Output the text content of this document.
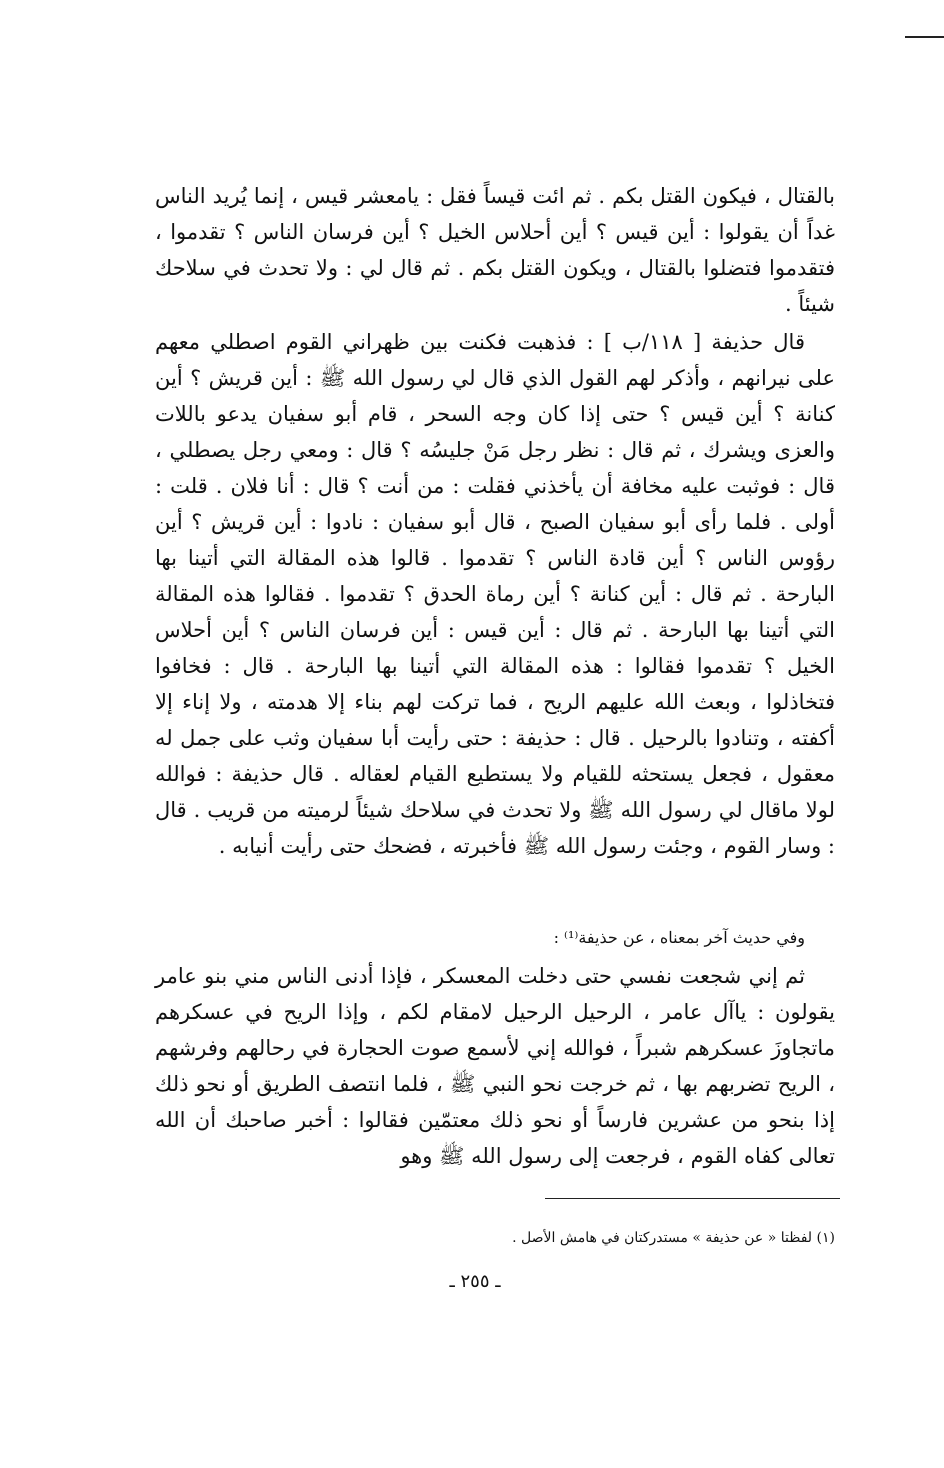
بالقتال ، فيكون القتل بكم . ثم ائت قيساً فقل : يامعشر قيس ، إنما يُريد الناس غداً أن يقولوا : أين قيس ؟ أين أحلاس الخيل ؟ أين فرسان الناس ؟ تقدموا ، فتقدموا فتضلوا بالقتال ، ويكون القتل بكم . ثم قال لي : ولا تحدث في سلاحك شيئاً .

قال حذيفة [ ١١٨/ب ] : فذهبت فكنت بين ظهراني القوم اصطلي معهم على نيرانهم ، وأذكر لهم القول الذي قال لي رسول الله ﷺ : أين قريش ؟ أين كنانة ؟ أين قيس ؟ حتى إذا كان وجه السحر ، قام أبو سفيان يدعو باللات والعزى ويشرك ، ثم قال : نظر رجل مَنْ جليسُه ؟ قال : ومعي رجل يصطلي ، قال : فوثبت عليه مخافة أن يأخذني فقلت : من أنت ؟ قال : أنا فلان . قلت : أولى . فلما رأى أبو سفيان الصبح ، قال أبو سفيان : نادوا : أين قريش ؟ أين رؤوس الناس ؟ أين قادة الناس ؟ تقدموا . قالوا هذه المقالة التي أتينا بها البارحة . ثم قال : أين كنانة ؟ أين رماة الحدق ؟ تقدموا . فقالوا هذه المقالة التي أتينا بها البارحة . ثم قال : أين قيس : أين فرسان الناس ؟ أين أحلاس الخيل ؟ تقدموا فقالوا : هذه المقالة التي أتينا بها البارحة . قال : فخافوا فتخاذلوا ، وبعث الله عليهم الريح ، فما تركت لهم بناء إلا هدمته ، ولا إناء إلا أكفته ، وتنادوا بالرحيل . قال : حذيفة : حتى رأيت أبا سفيان وثب على جمل له معقول ، فجعل يستحثه للقيام ولا يستطيع القيام لعقاله . قال حذيفة : فوالله لولا ماقال لي رسول الله ﷺ ولا تحدث في سلاحك شيئاً لرميته من قريب . قال : وسار القوم ، وجئت رسول الله ﷺ فأخبرته ، فضحك حتى رأيت أنيابه .

وفي حديث آخر بمعناه ، عن حذيفة⁽¹⁾ :

ثم إني شجعت نفسي حتى دخلت المعسكر ، فإذا أدنى الناس مني بنو عامر يقولون : ياآل عامر ، الرحيل الرحيل لامقام لكم ، وإذا الريح في عسكرهم ماتجاوزَ عسكرهم شبراً ، فوالله إني لأسمع صوت الحجارة في رحالهم وفرشهم ، الريح تضربهم بها ، ثم خرجت نحو النبي ﷺ ، فلما انتصف الطريق أو نحو ذلك إذا بنحو من عشرين فارساً أو نحو ذلك معتمّين فقالوا : أخبر صاحبك أن الله تعالى كفاه القوم ، فرجعت إلى رسول الله ﷺ وهو

(١) لفظتا « عن حذيفة » مستدركتان في هامش الأصل .

ـ ٢٥٥ ـ
